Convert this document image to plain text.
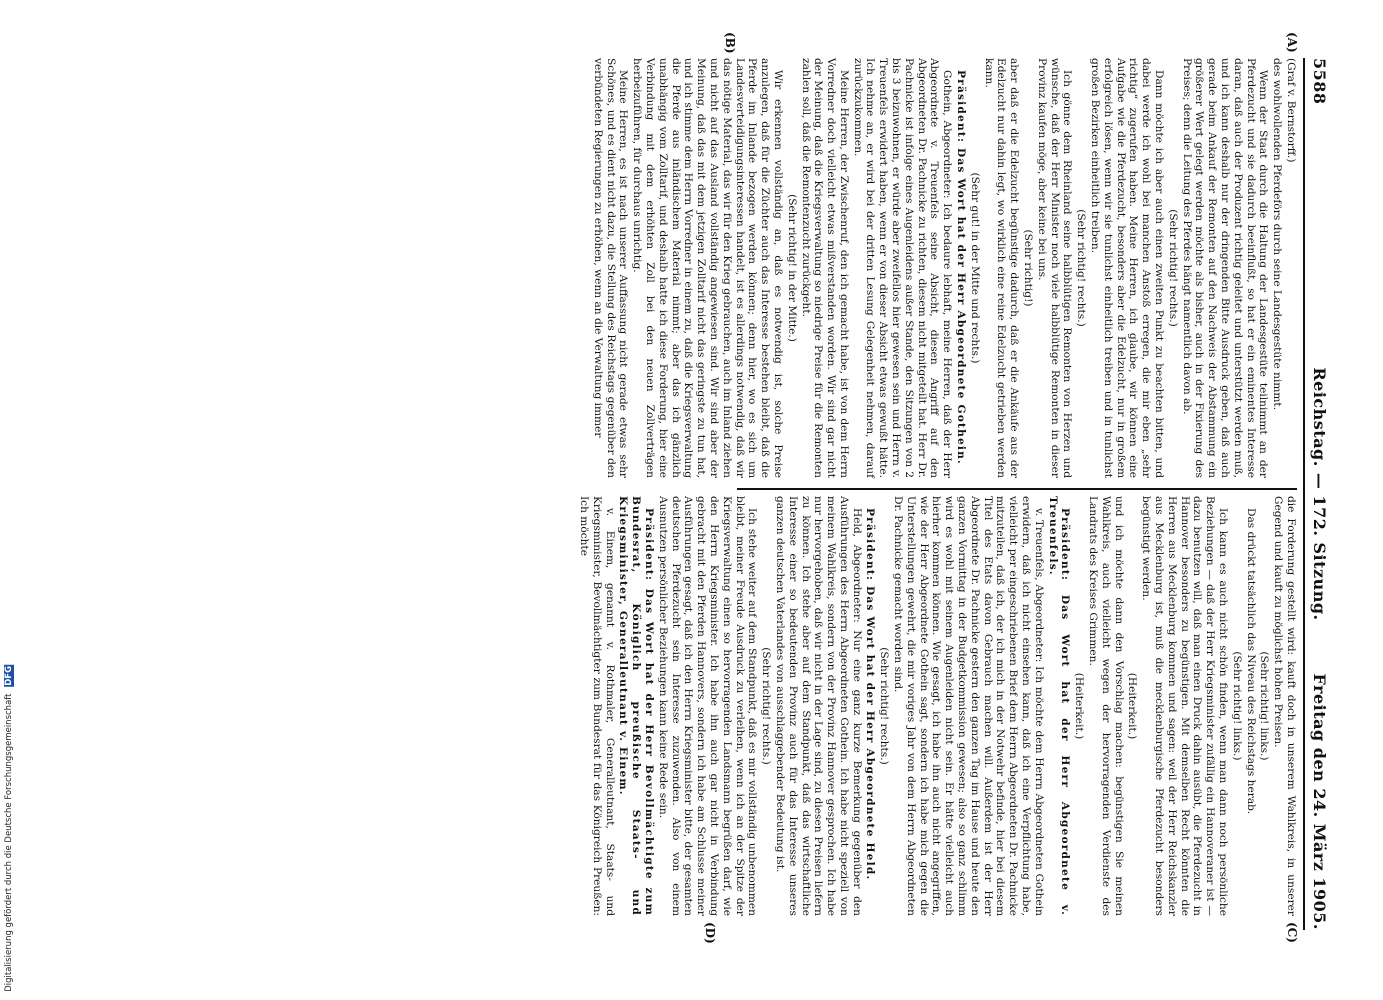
5588
Reichstag. — 172. Sitzung.
Freitag den 24. März 1905.

(Graf v. Bernstorff.)

des wohlwollenden Pferdeförs durch seine Landesgestüte nimmt.

Wenn der Staat durch die Haltung der Landesgestüte teilnimmt an der Pferdezucht und sie dadurch beeinflußt, so hat er ein eminentes Interesse daran, daß auch der Produzent richtig geleitet und unterstützt werden muß, und ich kann deshalb nur der dringenden Bitte Ausdruck geben, daß auch gerade beim Ankauf der Remonten auf den Nachweis der Abstammung ein größerer Wert gelegt werden möchte als bisher, auch in der Fixierung des Preises; denn die Leitung des Pferdes hängt namentlich davon ab.

(Sehr richtig! rechts.)

Dann möchte ich aber auch einen zweiten Punkt zu beachten bitten, und dabei werde ich wohl bei manchen Anstoß erregen, die mir eben „sehr richtig“ zugerufen haben. Meine Herren, ich glaube, wir können eine Aufgabe wie die Pferdezucht, besonders aber die Edelzucht, nur in großem erfolgreich lösen, wenn wir sie tunlichst einheitlich treiben und in tunlichst großen Bezirken einheitlich treiben.

(Sehr richtig! rechts.)

Ich gönne dem Rheinland seine halbblütigen Remonten von Herzen und wünsche, daß der Herr Minister noch viele halbblütige Remonten in dieser Provinz kaufen möge, aber keine bei uns.

(Sehr richtig!)

aber daß er die Edelzucht begünstige dadurch, daß er die Ankäufe aus der Edelzucht nur dahin legt, wo wirklich eine reine Edelzucht getrieben werden kann.

(Sehr gut! in der Mitte und rechts.)

Präsident: Das Wort hat der Herr Abgeordnete Gothein.

Gothein, Abgeordneter: Ich bedaure lebhaft, meine Herren, daß der Herr Abgeordnete v. Treuenfels seine Absicht, diesen Angriff auf den Abgeordneten Dr. Pachnicke zu richten, diesem nicht mitgeteilt hat. Herr Dr. Pachnicke ist infolge eines Augenleidens außer Stande, den Sitzungen von 2 bis 3 beizuwohnen, er würde aber zweifellos hier gewesen sein und Herrn v. Treuenfels erwidert haben, wenn er von dieser Absicht etwas gewußt hätte. Ich nehme an, er wird bei der dritten Lesung Gelegenheit nehmen, darauf zurückzukommen.

Meine Herren, der Zwischenruf, den ich gemacht habe, ist von dem Herrn Vorredner doch vielleicht etwas mißverstanden worden. Wir sind gar nicht der Meinung, daß die Kriegsverwaltung so niedrige Preise für die Remonten zahlen soll, daß die Remontenzucht zurückgeht.

(Sehr richtig! in der Mitte.)

Wir erkennen vollständig an, daß es notwendig ist, solche Preise anzulegen, daß für die Züchter auch das Interesse bestehen bleibt, daß die Pferde im Inlande bezogen werden können; denn hier, wo es sich um Landesverteidigungsinteressen handelt, ist es allerdings notwendig, daß wir das nötige Material, das wir für den Krieg gebrauchen, auch im Inland ziehen und nicht auf das Ausland vollständig angewiesen sind. Wir sind aber der Meinung, daß das mit dem jetzigen Zolltarif nicht das geringste zu tun hat, und ich stimme dem Herrn Vorredner in einem zu, daß die Kriegsverwaltung die Pferde aus inländischem Material nimmt; aber das ich gänzlich unabhängig vom Zolltarif, und deshalb hatte ich diese Forderung, hier eine Verbindung mit dem erhöhten Zoll bei den neuen Zollverträgen herbeizuführen, für durchaus unrichtig.

Meine Herren, es ist nach unserer Auffassung nicht gerade etwas sehr Schönes, und es dient nicht dazu, die Stellung des Reichstags gegenüber den verbündeten Regierungen zu erhöhen, wenn an die Verwaltung immer

die Forderung gestellt wird: kauft doch in unserem Wahlkreis, in unserer Gegend und kauft zu möglichst hohen Preisen.

(Sehr richtig! links.)

Das drückt tatsächlich das Niveau des Reichstags herab.

(Sehr richtig! links.)

Ich kann es auch nicht schön finden, wenn man dann noch persönliche Beziehungen — daß der Herr Kriegsminister zufällig ein Hannoveraner ist — dazu benutzen will, daß man einen Druck dahin ausübt, die Pferdezucht in Hannover besonders zu begünstigen. Mit demselben Recht könnten die Herren aus Mecklenburg kommen und sagen: weil der Herr Reichskanzler aus Mecklenburg ist, muß die mecklenburgische Pferdezucht besonders begünstigt werden.

(Heiterkeit.)

und ich möchte dann den Vorschlag machen: begünstigen Sie meinen Wahlkreis, auch vielleicht wegen der hervorragenden Verdienste des Landrats des Kreises Grimmen.

(Heiterkeit.)

Präsident: Das Wort hat der Herr Abgeordnete v. Treuenfels.

v. Treuenfels, Abgeordneter: Ich möchte dem Herrn Abgeordneten Gothein erwidern, daß ich nicht einsehen kann, daß ich eine Verpflichtung habe, vielleicht per eingeschriebenen Brief dem Herrn Abgeordneten Dr. Pachnicke mitzuteilen, daß ich, der ich mich in der Notwehr befinde, hier bei diesem Titel des Etats davon Gebrauch machen will. Außerdem ist der Herr Abgeordnete Dr. Pachnicke gestern den ganzen Tag im Hause und heute den ganzen Vormittag in der Budgetkommission gewesen; also so ganz schlimm wird es wohl mit seinem Augenleiden nicht sein. Er hätte vielleicht auch hierher kommen können. Wie gesagt, ich habe ihn auch nicht angegriffen, wie der Herr Abgeordnete Gothein sagt, sondern ich habe mich gegen die Unterstellungen gewehrt, die mir voriges Jahr von dem Herrn Abgeordneten Dr. Pachnicke gemacht worden sind.

(Sehr richtig! rechts.)

Präsident: Das Wort hat der Herr Abgeordnete Held.

Held, Abgeordneter: Nur eine ganz kurze Bemerkung gegenüber den Ausführungen des Herrn Abgeordneten Gothein. Ich habe nicht speziell von meinem Wahlkreis, sondern von der Provinz Hannover gesprochen. Ich habe nur hervorgehoben, daß wir nicht in der Lage sind, zu diesen Preisen liefern zu können. Ich stehe aber auf dem Standpunkt, daß das wirtschaftliche Interesse einer so bedeutenden Provinz auch für das Interesse unseres ganzen deutschen Vaterlandes von ausschlaggebender Bedeutung ist.

(Sehr richtig! rechts.)

Ich stehe weiter auf dem Standpunkt, daß es mir vollständig unbenommen bleibt, meiner Freude Ausdruck zu verleihen, wenn ich an der Spitze der Kriegsverwaltung einen so hervorragenden Landsmann begrüßen darf, wie den Herrn Kriegsminister. Ich habe ihn auch gar nicht in Verbindung gebracht mit den Pferden Hannovers, sondern ich habe am Schlusse meiner Ausführungen gesagt, daß ich den Herrn Kriegsminister bitte, der gesamten deutschen Pferdezucht sein Interesse zuzuwenden. Also von einem Ausnutzen persönlicher Beziehungen kann keine Rede sein.

Präsident: Das Wort hat der Herr Bevollmächtigte zum Bundesrat, Königlich preußische Staats- und Kriegsminister, Generalleutnant v. Einem.

v. Einem, genannt v. Rothmaler, Generalleutnant, Staats- und Kriegsminister, Bevollmächtigter zum Bundesrat für das Königreich Preußen: Ich möchte

(A)
(B)
(C)
(D)
Digitalisierung gefördert durch die Deutsche Forschungsgemeinschaft DFG
